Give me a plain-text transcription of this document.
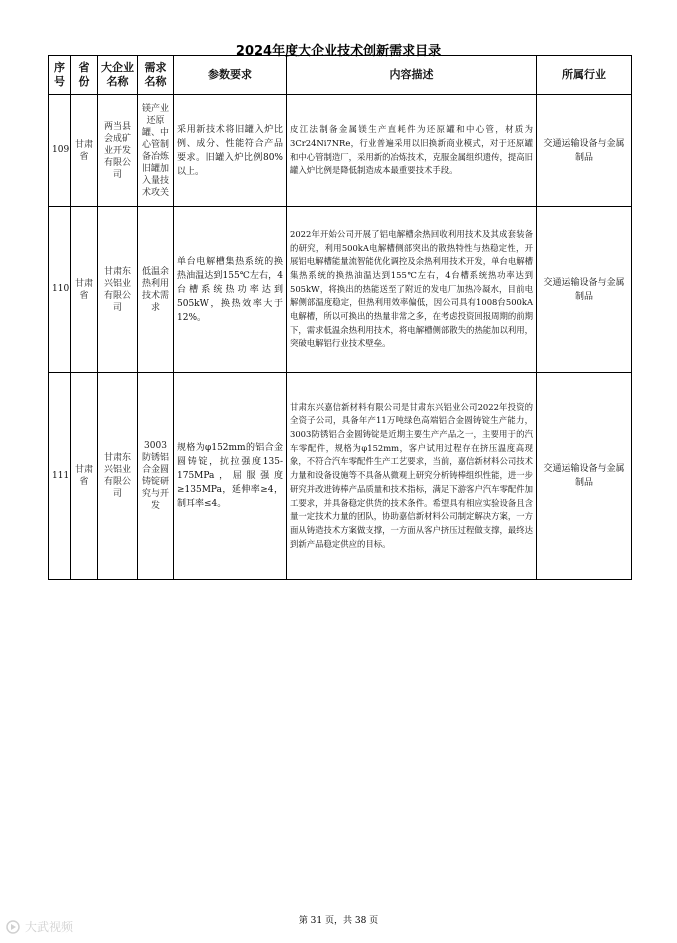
2024年度大企业技术创新需求目录
序号	省份	大企业名称	需求名称	参数要求	内容描述	所属行业
109	甘肃省	两当县会成矿业开发有限公司	镁产业还原罐、中心管制备冶炼旧罐加入量技术攻关	采用新技术将旧罐入炉比例、成分、性能符合产品要求。旧罐入炉比例80%以上。	皮江法制备金属镁生产直耗件为还原罐和中心管，材质为3Cr24Ni7NRe，行业普遍采用以旧换新商业模式，对于还原罐和中心管制造厂，采用新的冶炼技术，克服金属组织遗传，提高旧罐入炉比例是降低制造成本最重要技术手段。	交通运输设备与金属制品
110	甘肃省	甘肃东兴铝业有限公司	低温余热利用技术需求	单台电解槽集热系统的换热油温达到155℃左右，4台槽系统热功率达到505kW，换热效率大于12%。	2022年开始公司开展了铝电解槽余热回收利用技术及其成套装备的研究，利用500kA电解槽侧部突出的散热特性与热稳定性，开展铝电解槽能量流智能优化调控及余热利用技术开发，单台电解槽集热系统的换热油温达到155℃左右，4台槽系统热功率达到505kW，将换出的热能送至了附近的发电厂加热冷凝水，目前电解侧部温度稳定，但热利用效率偏低，因公司具有1008台500kA电解槽，所以可换出的热量非常之多，在考虑投资回报周期的前期下，需求低温余热利用技术，将电解槽侧部散失的热能加以利用，突破电解铝行业技术壁垒。	交通运输设备与金属制品
111	甘肃省	甘肃东兴铝业有限公司	3003防锈铝合金圆铸锭研究与开发	规格为φ152mm的铝合金圆铸锭，抗拉强度135-175MPa，屈服强度≥135MPa，延伸率≥4，制耳率≤4。	甘肃东兴嘉信新材料有限公司是甘肃东兴铝业公司2022年投资的全资子公司，具备年产11万吨绿色高端铝合金圆铸锭生产能力，3003防锈铝合金圆铸锭是近期主要生产产品之一，主要用于的汽车零配件，规格为φ152mm，客户试用过程存在挤压温度高现象，不符合汽车零配件生产工艺要求，当前，嘉信新材料公司技术力量和设备设施等不具备从微观上研究分析铸棒组织性能，进一步研究并改进铸棒产品质量和技术指标，满足下游客户汽车零配件加工要求，并具备稳定供货的技术条件。希望具有相应实验设备且含量一定技术力量的团队，协助嘉信新材料公司制定解决方案，一方面从铸造技术方案做支撑，一方面从客户挤压过程做支撑，最终达到新产品稳定供应的目标。	交通运输设备与金属制品
第 31 页，共 38 页
大武视频
